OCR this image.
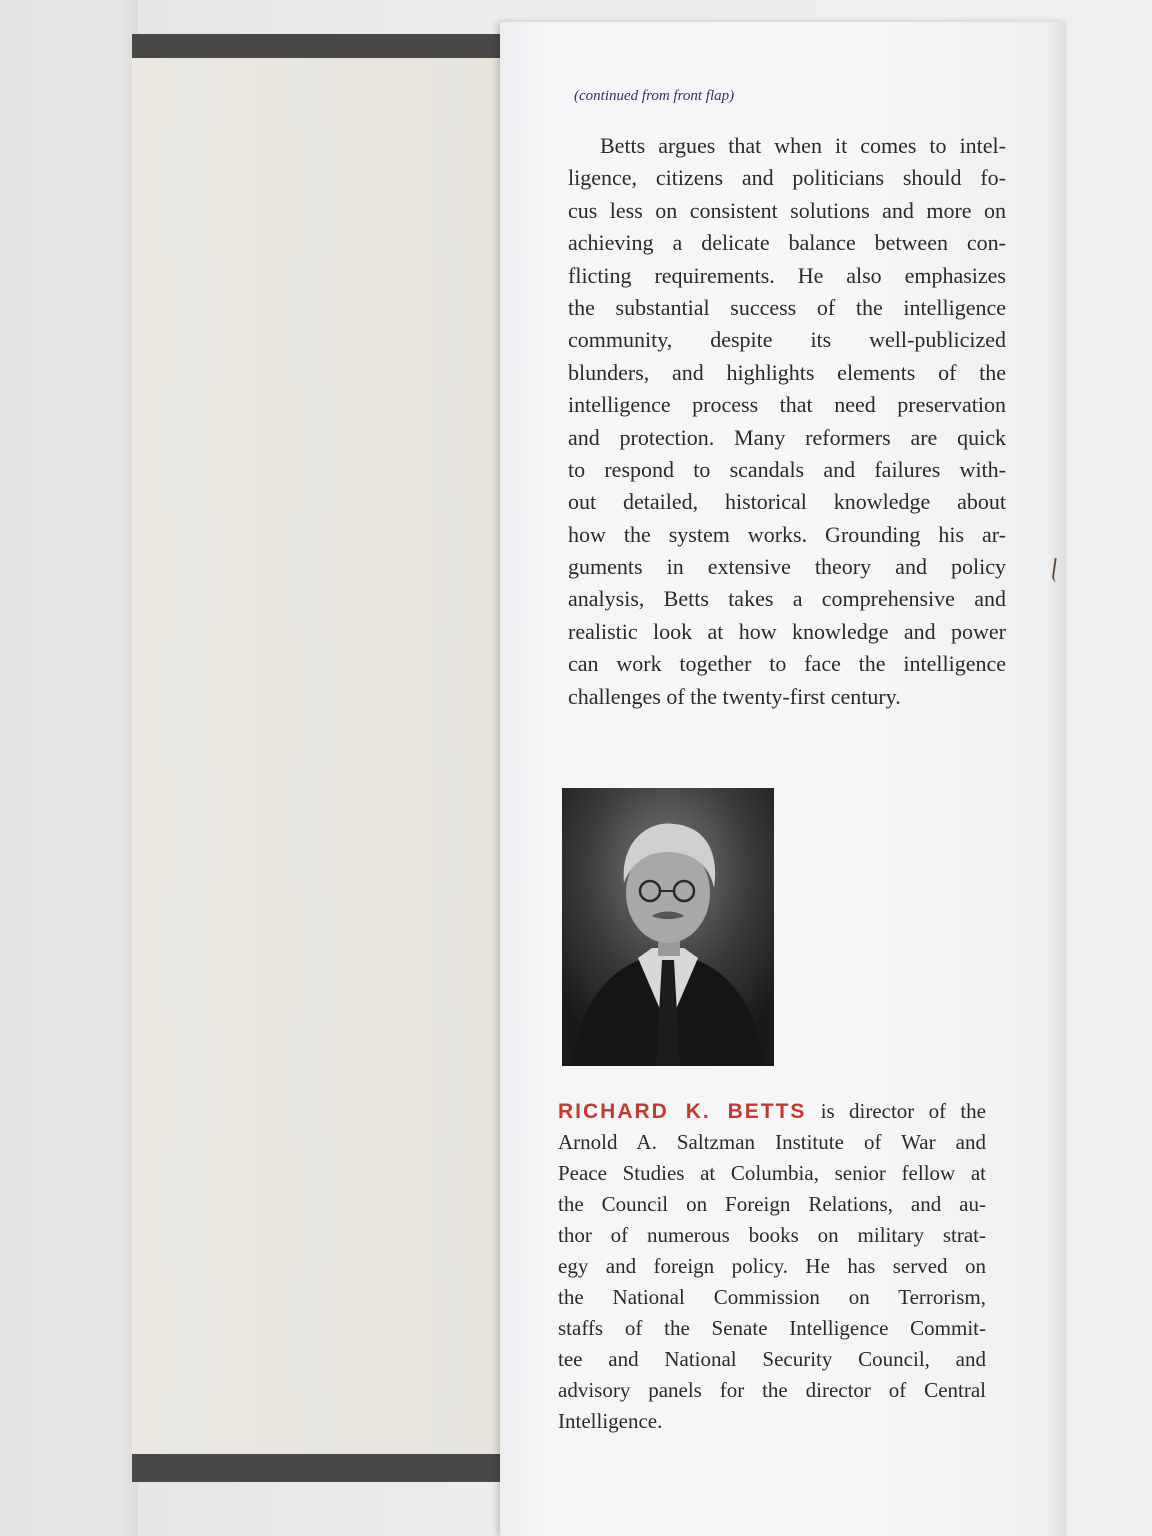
(continued from front flap)
Betts argues that when it comes to intel-
ligence, citizens and politicians should fo-
cus less on consistent solutions and more on
achieving a delicate balance between con-
flicting requirements. He also emphasizes
the substantial success of the intelligence
community, despite its well-publicized
blunders, and highlights elements of the
intelligence process that need preservation
and protection. Many reformers are quick
to respond to scandals and failures with-
out detailed, historical knowledge about
how the system works. Grounding his ar-
guments in extensive theory and policy
analysis, Betts takes a comprehensive and
realistic look at how knowledge and power
can work together to face the intelligence
challenges of the twenty-first century.
RICHARD K. BETTS is director of the
Arnold A. Saltzman Institute of War and
Peace Studies at Columbia, senior fellow at
the Council on Foreign Relations, and au-
thor of numerous books on military strat-
egy and foreign policy. He has served on
the National Commission on Terrorism,
staffs of the Senate Intelligence Commit-
tee and National Security Council, and
advisory panels for the director of Central
Intelligence.
